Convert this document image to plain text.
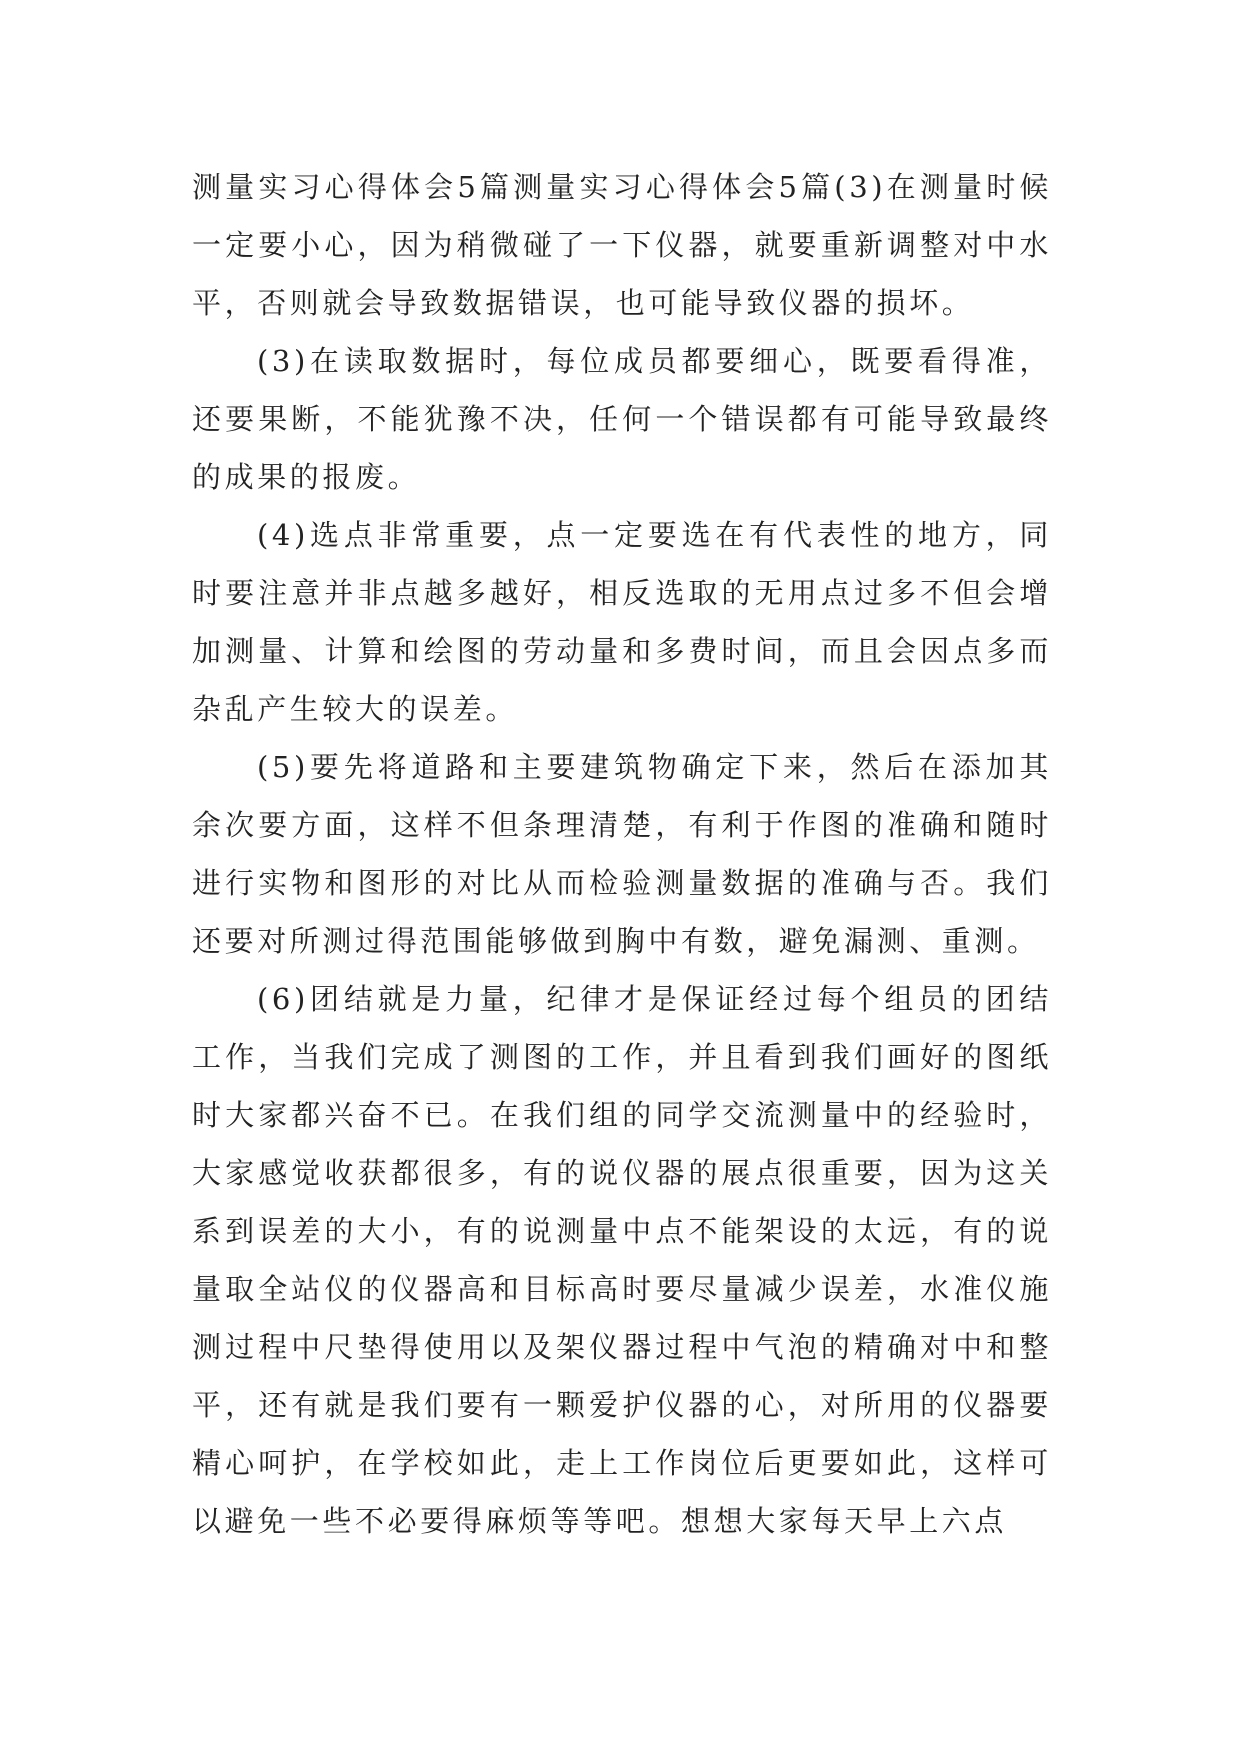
测量实习心得体会5篇测量实习心得体会5篇(3)在测量时候一定要小心，因为稍微碰了一下仪器，就要重新调整对中水平，否则就会导致数据错误，也可能导致仪器的损坏。

(3)在读取数据时，每位成员都要细心，既要看得准，还要果断，不能犹豫不决，任何一个错误都有可能导致最终的成果的报废。

(4)选点非常重要，点一定要选在有代表性的地方，同时要注意并非点越多越好，相反选取的无用点过多不但会增加测量、计算和绘图的劳动量和多费时间，而且会因点多而杂乱产生较大的误差。

(5)要先将道路和主要建筑物确定下来，然后在添加其余次要方面，这样不但条理清楚，有利于作图的准确和随时进行实物和图形的对比从而检验测量数据的准确与否。我们还要对所测过得范围能够做到胸中有数，避免漏测、重测。

(6)团结就是力量，纪律才是保证经过每个组员的团结工作，当我们完成了测图的工作，并且看到我们画好的图纸时大家都兴奋不已。在我们组的同学交流测量中的经验时，大家感觉收获都很多，有的说仪器的展点很重要，因为这关系到误差的大小，有的说测量中点不能架设的太远，有的说量取全站仪的仪器高和目标高时要尽量减少误差，水准仪施测过程中尺垫得使用以及架仪器过程中气泡的精确对中和整平，还有就是我们要有一颗爱护仪器的心，对所用的仪器要精心呵护，在学校如此，走上工作岗位后更要如此，这样可以避免一些不必要得麻烦等等吧。想想大家每天早上六点
